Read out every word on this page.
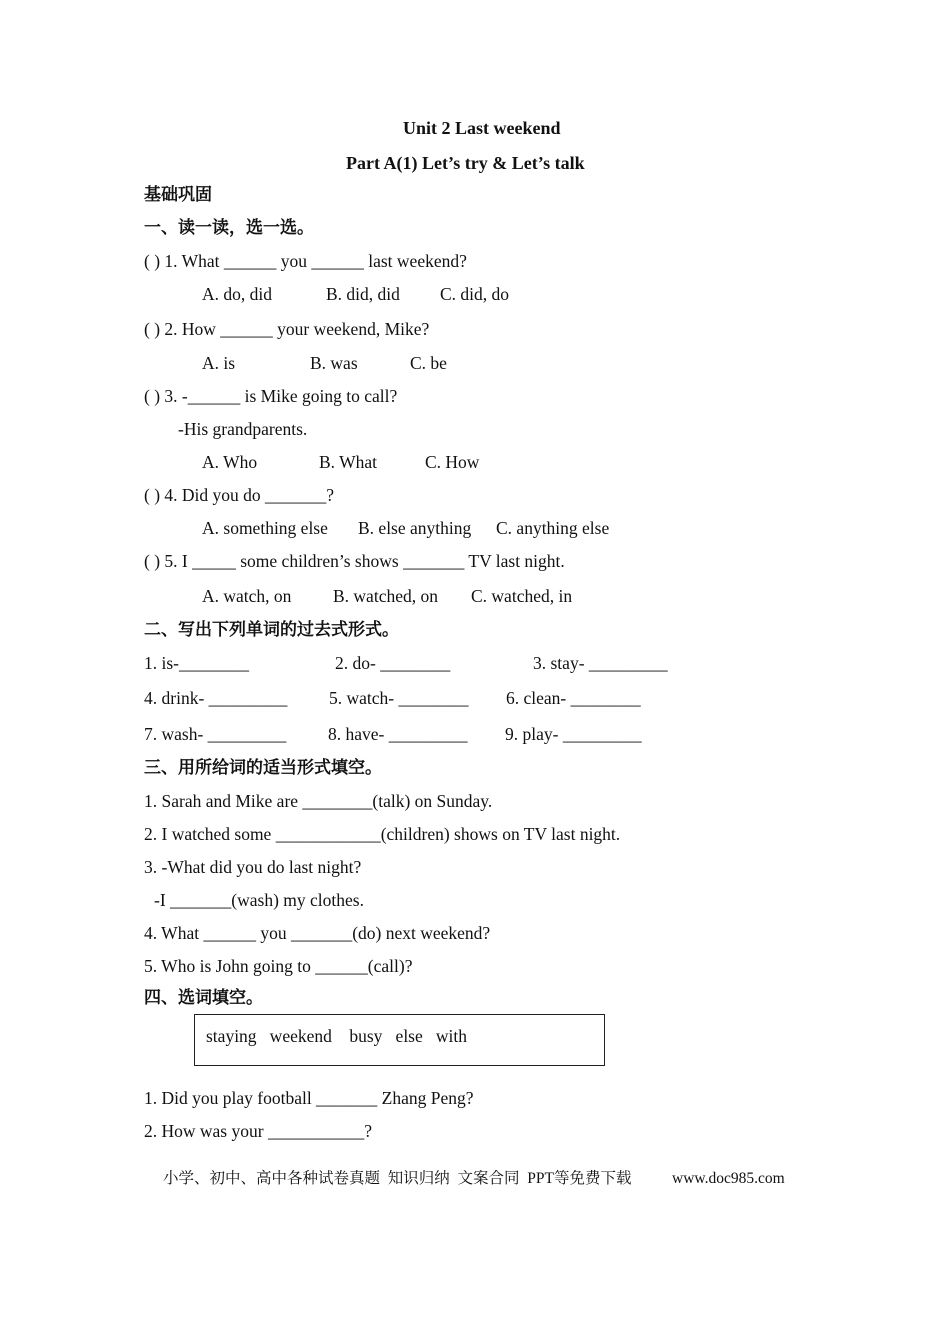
Unit 2 Last weekend
Part A(1) Let’s try & Let’s talk
基础巩固
一、读一读，选一选。
( ) 1. What ______ you ______ last weekend?
A. do, did	B. did, did C. did, do
( ) 2. How ______ your weekend, Mike?
A. is	B. was	C. be
( ) 3. -______ is Mike going to call?
-His grandparents.
A. Who	B. What	C. How
( ) 4. Did you do _______?
A. something else B. else anything C. anything else
( ) 5. I _____ some children’s shows _______ TV last night.
A. watch, on B. watched, on C. watched, in
二、写出下列单词的过去式形式。
1. is-________	2. do- ________	3. stay- _________
4. drink- _________ 5. watch- ________ 6. clean- ________
7. wash- _________ 8. have- _________ 9. play- _________
三、用所给词的适当形式填空。
1. Sarah and Mike are ________(talk) on Sunday.
2. I watched some ____________(children) shows on TV last night.
3. -What did you do last night?
-I _______(wash) my clothes.
4. What ______ you _______(do) next weekend?
5. Who is John going to ______(call)?
四、选词填空。
staying   weekend    busy   else   with
1. Did you play football _______ Zhang Peng?
2. How was your ___________?
小学、初中、高中各种试卷真题  知识归纳  文案合同  PPT等免费下载	www.doc985.com
